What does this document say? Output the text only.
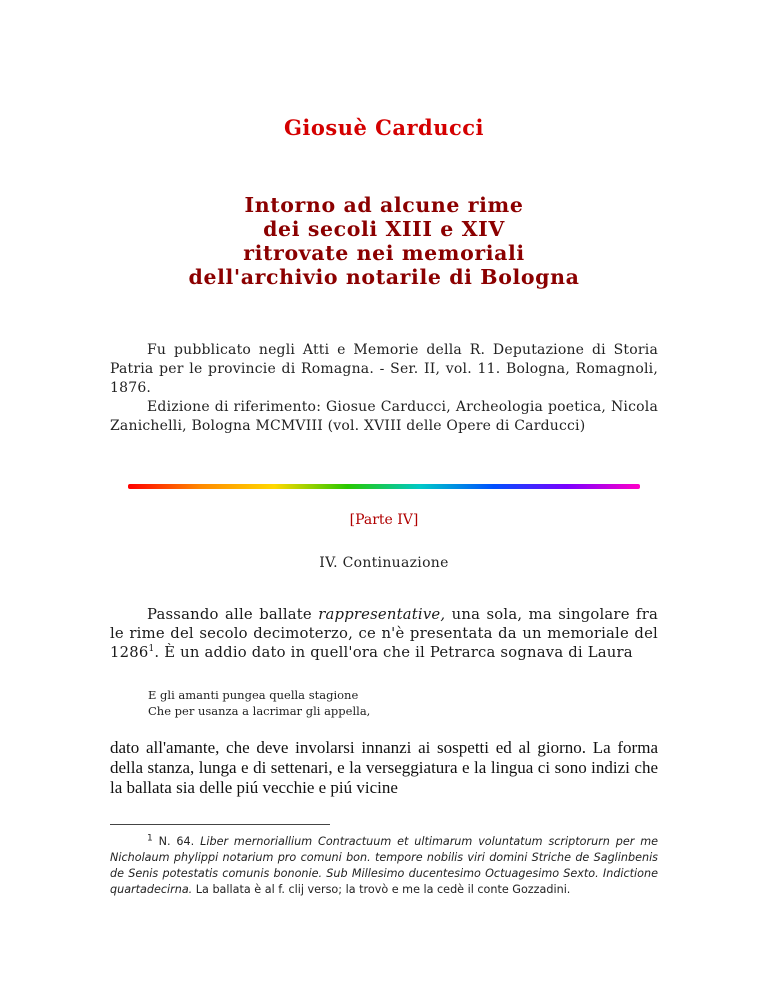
Giosuè Carducci
Intorno ad alcune rime
dei secoli XIII e XIV
ritrovate nei memoriali
dell'archivio notarile di Bologna

Fu pubblicato negli Atti e Memorie della R. Deputazione di Storia Patria per le provincie di Romagna. - Ser. II, vol. 11. Bologna, Romagnoli, 1876.

Edizione di riferimento: Giosue Carducci, Archeologia poetica, Nicola Zanichelli, Bologna MCMVIII (vol. XVIII delle Opere di Carducci)

[Parte IV]
IV. Continuazione
Passando alle ballate rappresentative, una sola, ma singolare fra le rime del secolo decimoterzo, ce n'è presentata da un memoriale del 1286$^1$. È un addio dato in quell'ora che il Petrarca sognava di Laura
E gli amanti pungea quella stagione
Che per usanza a lacrimar gli appella,
dato all'amante, che deve involarsi innanzi ai sospetti ed al giorno. La forma della stanza, lunga e di settenari, e la verseggiatura e la lingua ci sono indizi che la ballata sia delle piú vecchie e piú vicine
$^1$ N. 64. Liber mernoriallium Contractuum et ultimarum voluntatum scriptorurn per me Nicholaum phylippi notarium pro comuni bon. tempore nobilis viri domini Striche de Saglinbenis de Senis potestatis comunis bononie. Sub Millesimo ducentesimo Octuagesimo Sexto. Indictione quartadecirna. La ballata è al f. clij verso; la trovò e me la cedè il conte Gozzadini.
